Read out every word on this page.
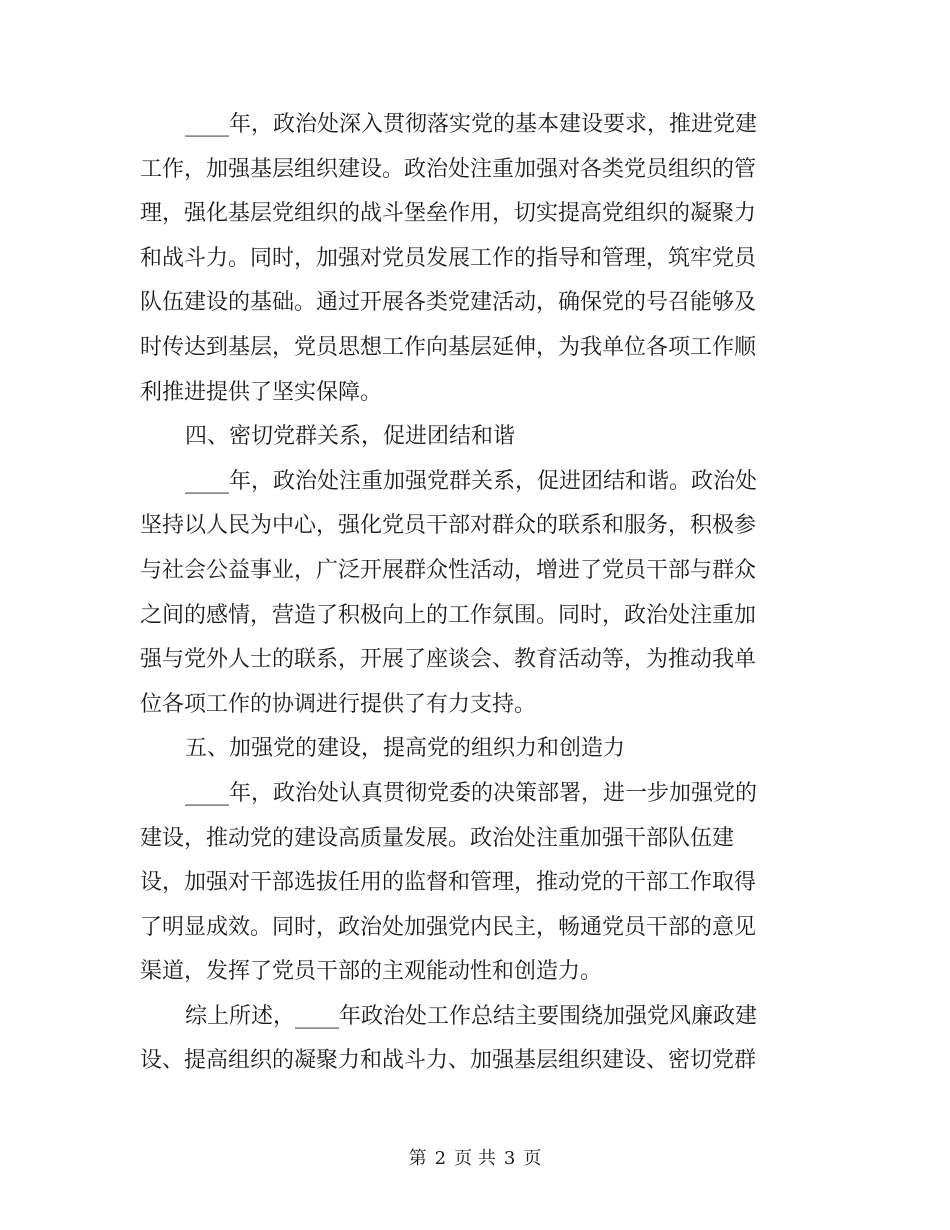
____年，政治处深入贯彻落实党的基本建设要求，推进党建
工作，加强基层组织建设。政治处注重加强对各类党员组织的管
理，强化基层党组织的战斗堡垒作用，切实提高党组织的凝聚力
和战斗力。同时，加强对党员发展工作的指导和管理，筑牢党员
队伍建设的基础。通过开展各类党建活动，确保党的号召能够及
时传达到基层，党员思想工作向基层延伸，为我单位各项工作顺
利推进提供了坚实保障。
四、密切党群关系，促进团结和谐
____年，政治处注重加强党群关系，促进团结和谐。政治处
坚持以人民为中心，强化党员干部对群众的联系和服务，积极参
与社会公益事业，广泛开展群众性活动，增进了党员干部与群众
之间的感情，营造了积极向上的工作氛围。同时，政治处注重加
强与党外人士的联系，开展了座谈会、教育活动等，为推动我单
位各项工作的协调进行提供了有力支持。
五、加强党的建设，提高党的组织力和创造力
____年，政治处认真贯彻党委的决策部署，进一步加强党的
建设，推动党的建设高质量发展。政治处注重加强干部队伍建
设，加强对干部选拔任用的监督和管理，推动党的干部工作取得
了明显成效。同时，政治处加强党内民主，畅通党员干部的意见
渠道，发挥了党员干部的主观能动性和创造力。
综上所述，____年政治处工作总结主要围绕加强党风廉政建
设、提高组织的凝聚力和战斗力、加强基层组织建设、密切党群
第 2 页 共 3 页
